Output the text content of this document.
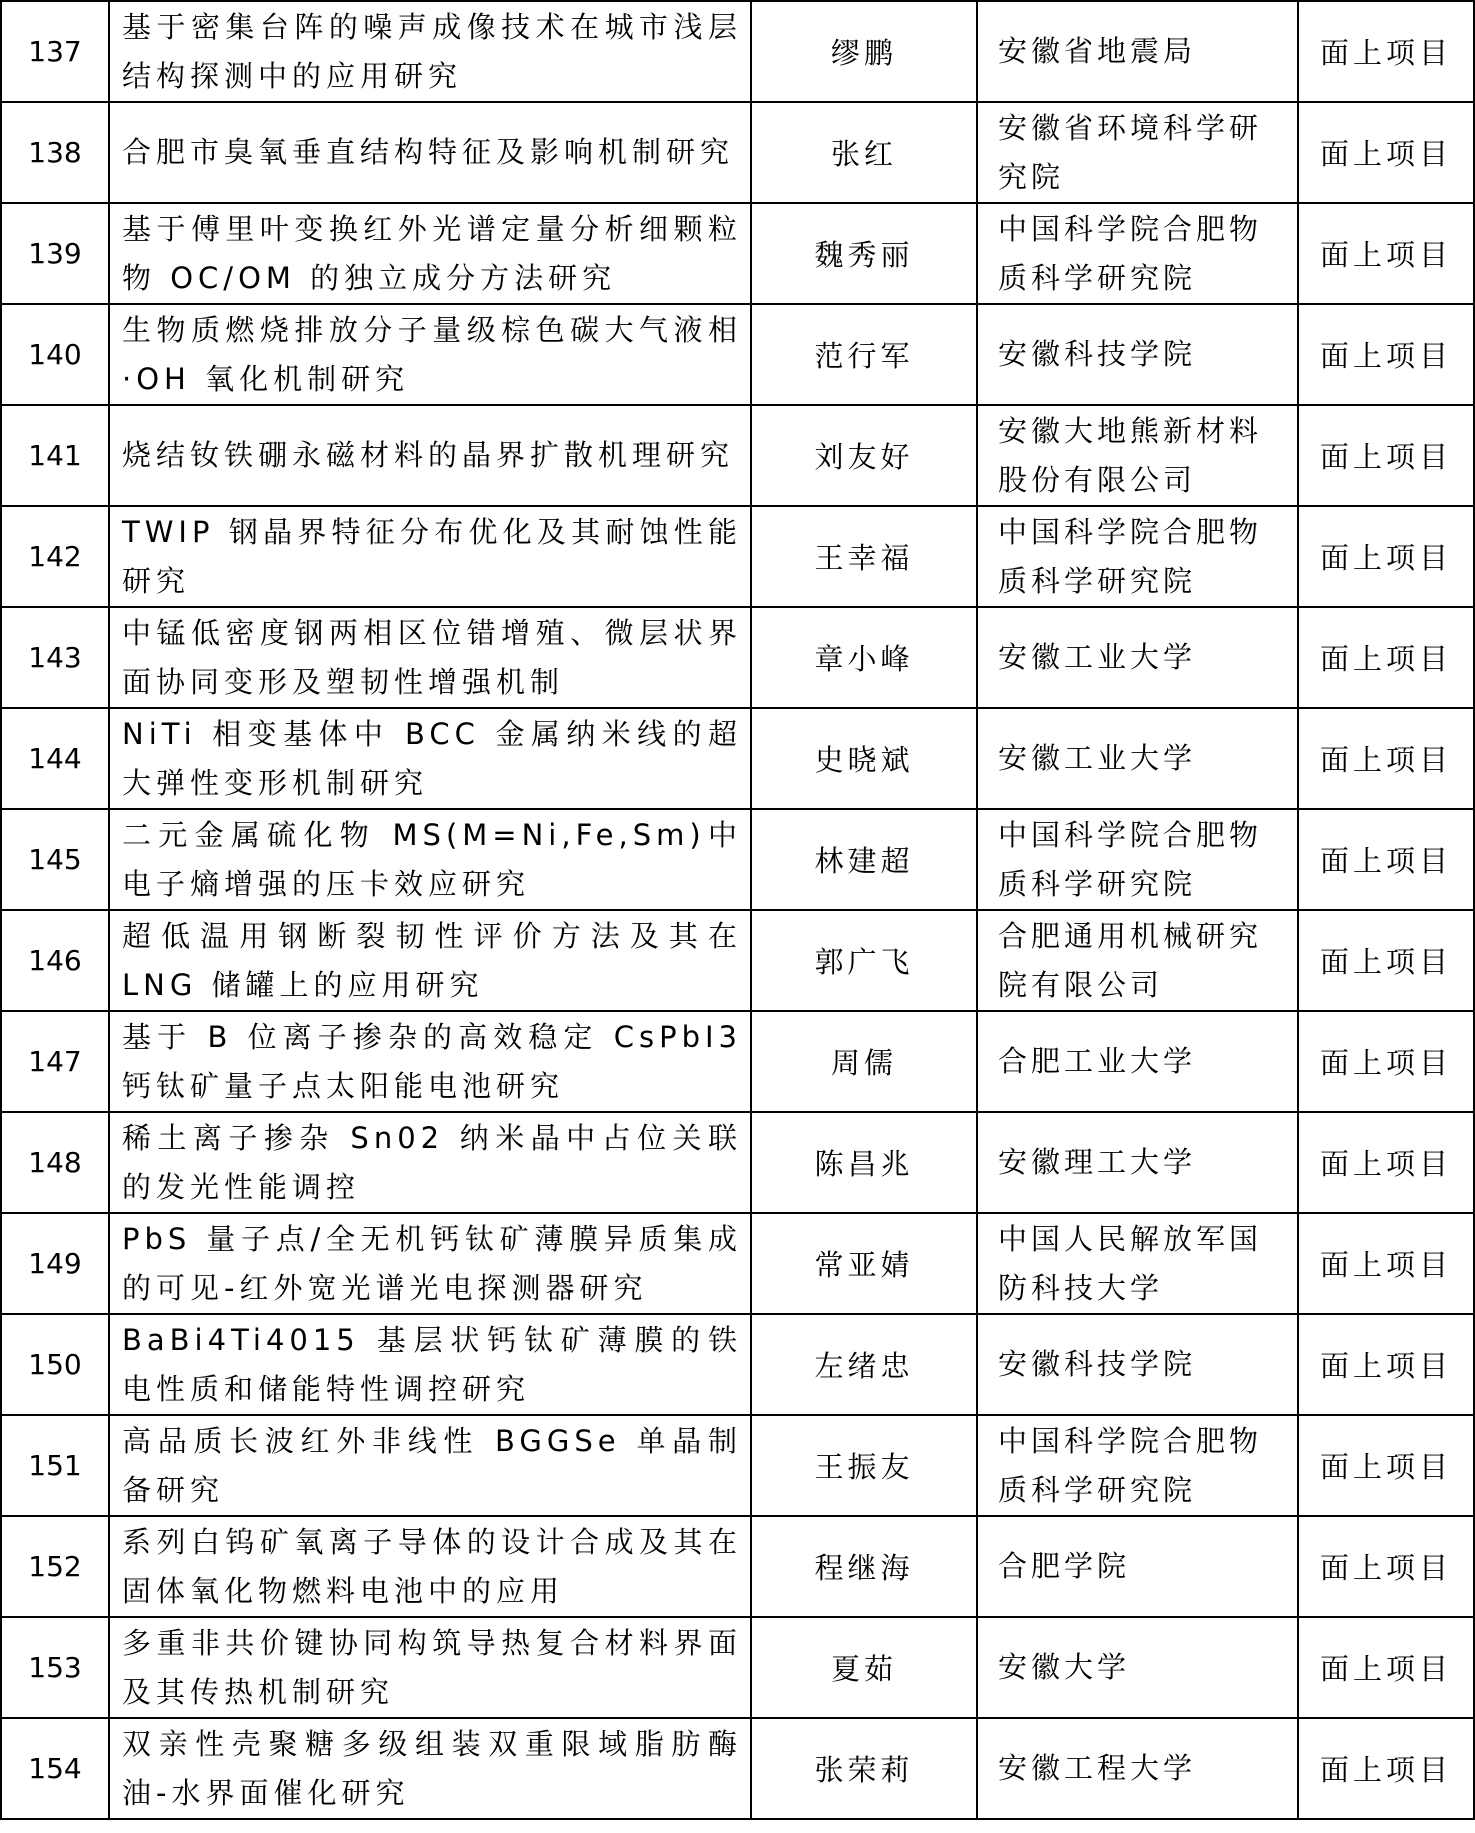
137	基于密集台阵的噪声成像技术在城市浅层结构探测中的应用研究	缪鹏	安徽省地震局	面上项目
138	合肥市臭氧垂直结构特征及影响机制研究	张红	安徽省环境科学研究院	面上项目
139	基于傅里叶变换红外光谱定量分析细颗粒物 OC/OM 的独立成分方法研究	魏秀丽	中国科学院合肥物质科学研究院	面上项目
140	生物质燃烧排放分子量级棕色碳大气液相·OH 氧化机制研究	范行军	安徽科技学院	面上项目
141	烧结钕铁硼永磁材料的晶界扩散机理研究	刘友好	安徽大地熊新材料股份有限公司	面上项目
142	TWIP 钢晶界特征分布优化及其耐蚀性能研究	王幸福	中国科学院合肥物质科学研究院	面上项目
143	中锰低密度钢两相区位错增殖、微层状界面协同变形及塑韧性增强机制	章小峰	安徽工业大学	面上项目
144	NiTi 相变基体中 BCC 金属纳米线的超大弹性变形机制研究	史晓斌	安徽工业大学	面上项目
145	二元金属硫化物 MS(M=Ni,Fe,Sm)中电子熵增强的压卡效应研究	林建超	中国科学院合肥物质科学研究院	面上项目
146	超低温用钢断裂韧性评价方法及其在 LNG 储罐上的应用研究	郭广飞	合肥通用机械研究院有限公司	面上项目
147	基于 B 位离子掺杂的高效稳定 CsPbI3 钙钛矿量子点太阳能电池研究	周儒	合肥工业大学	面上项目
148	稀土离子掺杂 Sn02 纳米晶中占位关联的发光性能调控	陈昌兆	安徽理工大学	面上项目
149	PbS 量子点/全无机钙钛矿薄膜异质集成的可见-红外宽光谱光电探测器研究	常亚婧	中国人民解放军国防科技大学	面上项目
150	BaBi4Ti4015 基层状钙钛矿薄膜的铁电性质和储能特性调控研究	左绪忠	安徽科技学院	面上项目
151	高品质长波红外非线性 BGGSe 单晶制备研究	王振友	中国科学院合肥物质科学研究院	面上项目
152	系列白钨矿氧离子导体的设计合成及其在固体氧化物燃料电池中的应用	程继海	合肥学院	面上项目
153	多重非共价键协同构筑导热复合材料界面及其传热机制研究	夏茹	安徽大学	面上项目
154	双亲性壳聚糖多级组装双重限域脂肪酶油-水界面催化研究	张荣莉	安徽工程大学	面上项目
